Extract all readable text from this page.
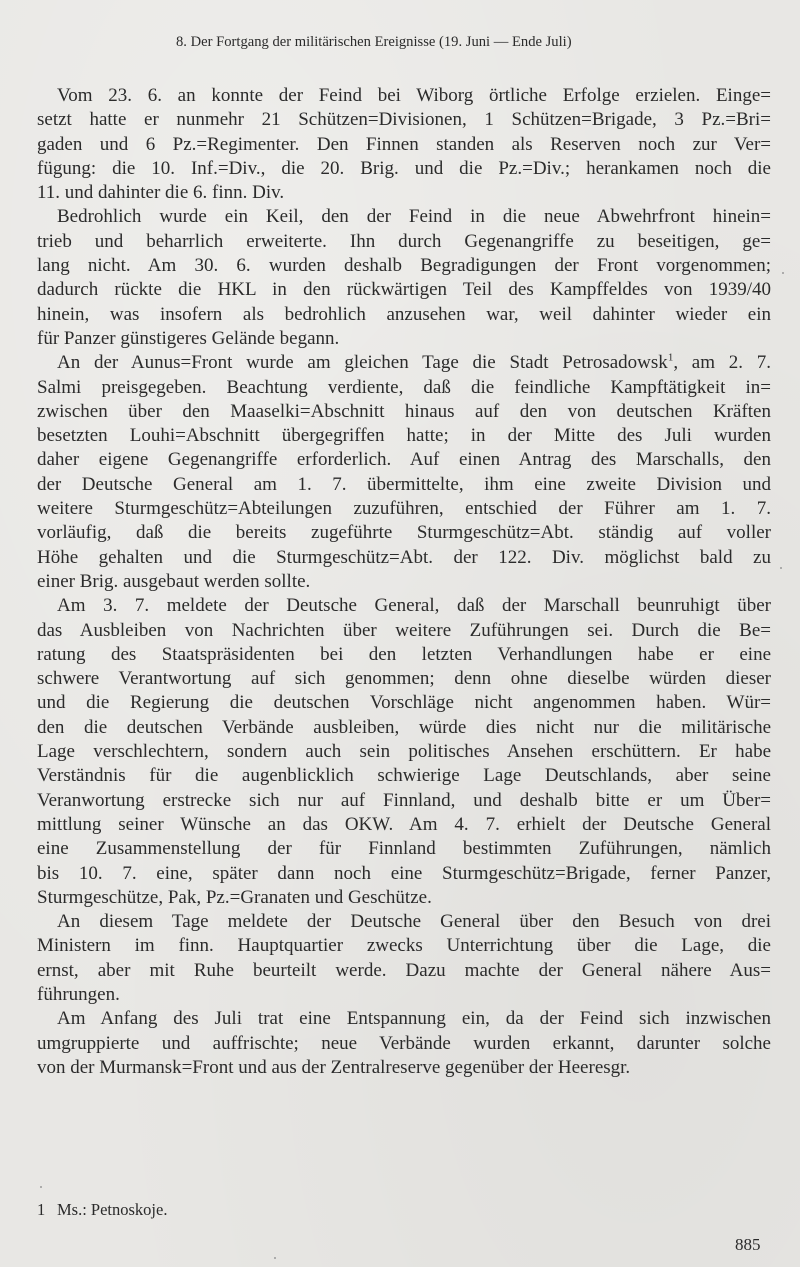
8. Der Fortgang der militärischen Ereignisse (19. Juni — Ende Juli)
Vom 23. 6. an konnte der Feind bei Wiborg örtliche Erfolge erzielen. Einge=
setzt hatte er nunmehr 21 Schützen=Divisionen, 1 Schützen=Brigade, 3 Pz.=Bri=
gaden und 6 Pz.=Regimenter. Den Finnen standen als Reserven noch zur Ver=
fügung: die 10. Inf.=Div., die 20. Brig. und die Pz.=Div.; herankamen noch die
11. und dahinter die 6. finn. Div.
Bedrohlich wurde ein Keil, den der Feind in die neue Abwehrfront hinein=
trieb und beharrlich erweiterte. Ihn durch Gegenangriffe zu beseitigen, ge=
lang nicht. Am 30. 6. wurden deshalb Begradigungen der Front vorgenommen;
dadurch rückte die HKL in den rückwärtigen Teil des Kampffeldes von 1939/40
hinein, was insofern als bedrohlich anzusehen war, weil dahinter wieder ein
für Panzer günstigeres Gelände begann.
An der Aunus=Front wurde am gleichen Tage die Stadt Petrosadowsk$^1$, am 2. 7.
Salmi preisgegeben. Beachtung verdiente, daß die feindliche Kampftätigkeit in=
zwischen über den Maaselki=Abschnitt hinaus auf den von deutschen Kräften
besetzten Louhi=Abschnitt übergegriffen hatte; in der Mitte des Juli wurden
daher eigene Gegenangriffe erforderlich. Auf einen Antrag des Marschalls, den
der Deutsche General am 1. 7. übermittelte, ihm eine zweite Division und
weitere Sturmgeschütz=Abteilungen zuzuführen, entschied der Führer am 1. 7.
vorläufig, daß die bereits zugeführte Sturmgeschütz=Abt. ständig auf voller
Höhe gehalten und die Sturmgeschütz=Abt. der 122. Div. möglichst bald zu
einer Brig. ausgebaut werden sollte.
Am 3. 7. meldete der Deutsche General, daß der Marschall beunruhigt über
das Ausbleiben von Nachrichten über weitere Zuführungen sei. Durch die Be=
ratung des Staatspräsidenten bei den letzten Verhandlungen habe er eine
schwere Verantwortung auf sich genommen; denn ohne dieselbe würden dieser
und die Regierung die deutschen Vorschläge nicht angenommen haben. Wür=
den die deutschen Verbände ausbleiben, würde dies nicht nur die militärische
Lage verschlechtern, sondern auch sein politisches Ansehen erschüttern. Er habe
Verständnis für die augenblicklich schwierige Lage Deutschlands, aber seine
Veranwortung erstrecke sich nur auf Finnland, und deshalb bitte er um Über=
mittlung seiner Wünsche an das OKW. Am 4. 7. erhielt der Deutsche General
eine Zusammenstellung der für Finnland bestimmten Zuführungen, nämlich
bis 10. 7. eine, später dann noch eine Sturmgeschütz=Brigade, ferner Panzer,
Sturmgeschütze, Pak, Pz.=Granaten und Geschütze.
An diesem Tage meldete der Deutsche General über den Besuch von drei
Ministern im finn. Hauptquartier zwecks Unterrichtung über die Lage, die
ernst, aber mit Ruhe beurteilt werde. Dazu machte der General nähere Aus=
führungen.
Am Anfang des Juli trat eine Entspannung ein, da der Feind sich inzwischen
umgruppierte und auffrischte; neue Verbände wurden erkannt, darunter solche
von der Murmansk=Front und aus der Zentralreserve gegenüber der Heeresgr.
1 Ms.: Petnoskoje.
885
